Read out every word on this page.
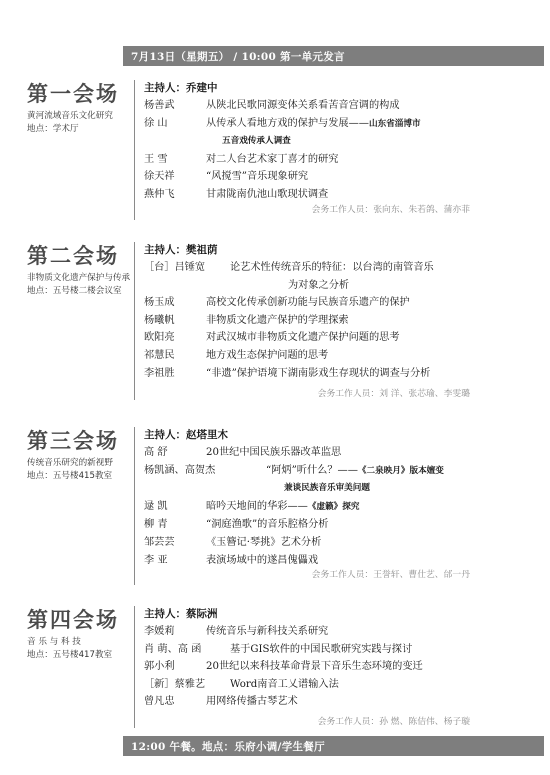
7月13日（星期五） / 10:00 第一单元发言
第一会场
黄河流域音乐文化研究
地点：学术厅
主持人：乔建中
杨善武	从陕北民歌同源变体关系看苦音宫调的构成
徐 山	从传承人看地方戏的保护与发展——山东省淄博市
五音戏传承人调查
王 雪	对二人台艺术家丁喜才的研究
徐天祥	“风搅雪”音乐现象研究
燕仲飞	甘肃陇南仇池山歌现状调查
会务工作人员：张向东、朱若鸽、蒲亦菲
第二会场
非物质文化遗产保护与传承
地点：五号楼二楼会议室
主持人：樊祖荫
［台］吕锤宽	论艺术性传统音乐的特征：以台湾的南管音乐
为对象之分析
杨玉成	高校文化传承创新功能与民族音乐遗产的保护
杨曦帆	非物质文化遗产保护的学理探索
欧阳亮	对武汉城市非物质文化遗产保护问题的思考
祁慧民	地方戏生态保护问题的思考
李祖胜	“非遗”保护语境下湖南影戏生存现状的调查与分析
会务工作人员：刘 洋、张芯瑜、李雯璐
第三会场
传统音乐研究的新视野
地点：五号楼415教室
主持人：赵塔里木
高 舒	20世纪中国民族乐器改革监思
杨凯涵、高贺杰	“阿炳”听什么？——《二泉映月》版本嬗变
兼谈民族音乐审美问题
逯 凯	暗吟天地间的华彩——《虚籁》探究
柳 青	“洞庭渔歌”的音乐腔格分析
邹芸芸	《玉簪记·琴挑》艺术分析
李 亚	表演场域中的遂昌傀儡戏
会务工作人员：王誉轩、曹仕艺、邰一丹
第四会场
音 乐 与 科 技
地点：五号楼417教室
主持人：蔡际洲
李媛莉	传统音乐与新科技关系研究
肖 萌、高 函	基于GIS软件的中国民歌研究实践与探讨
郭小利	20世纪以来科技革命背景下音乐生态环境的变迁
［新］蔡雅艺	Word南音工乂谱输入法
曾凡忠	用网络传播古琴艺术
会务工作人员：孙 燃、陈佶伟、杨子璇
12:00 午餐。地点：乐府小调/学生餐厅
